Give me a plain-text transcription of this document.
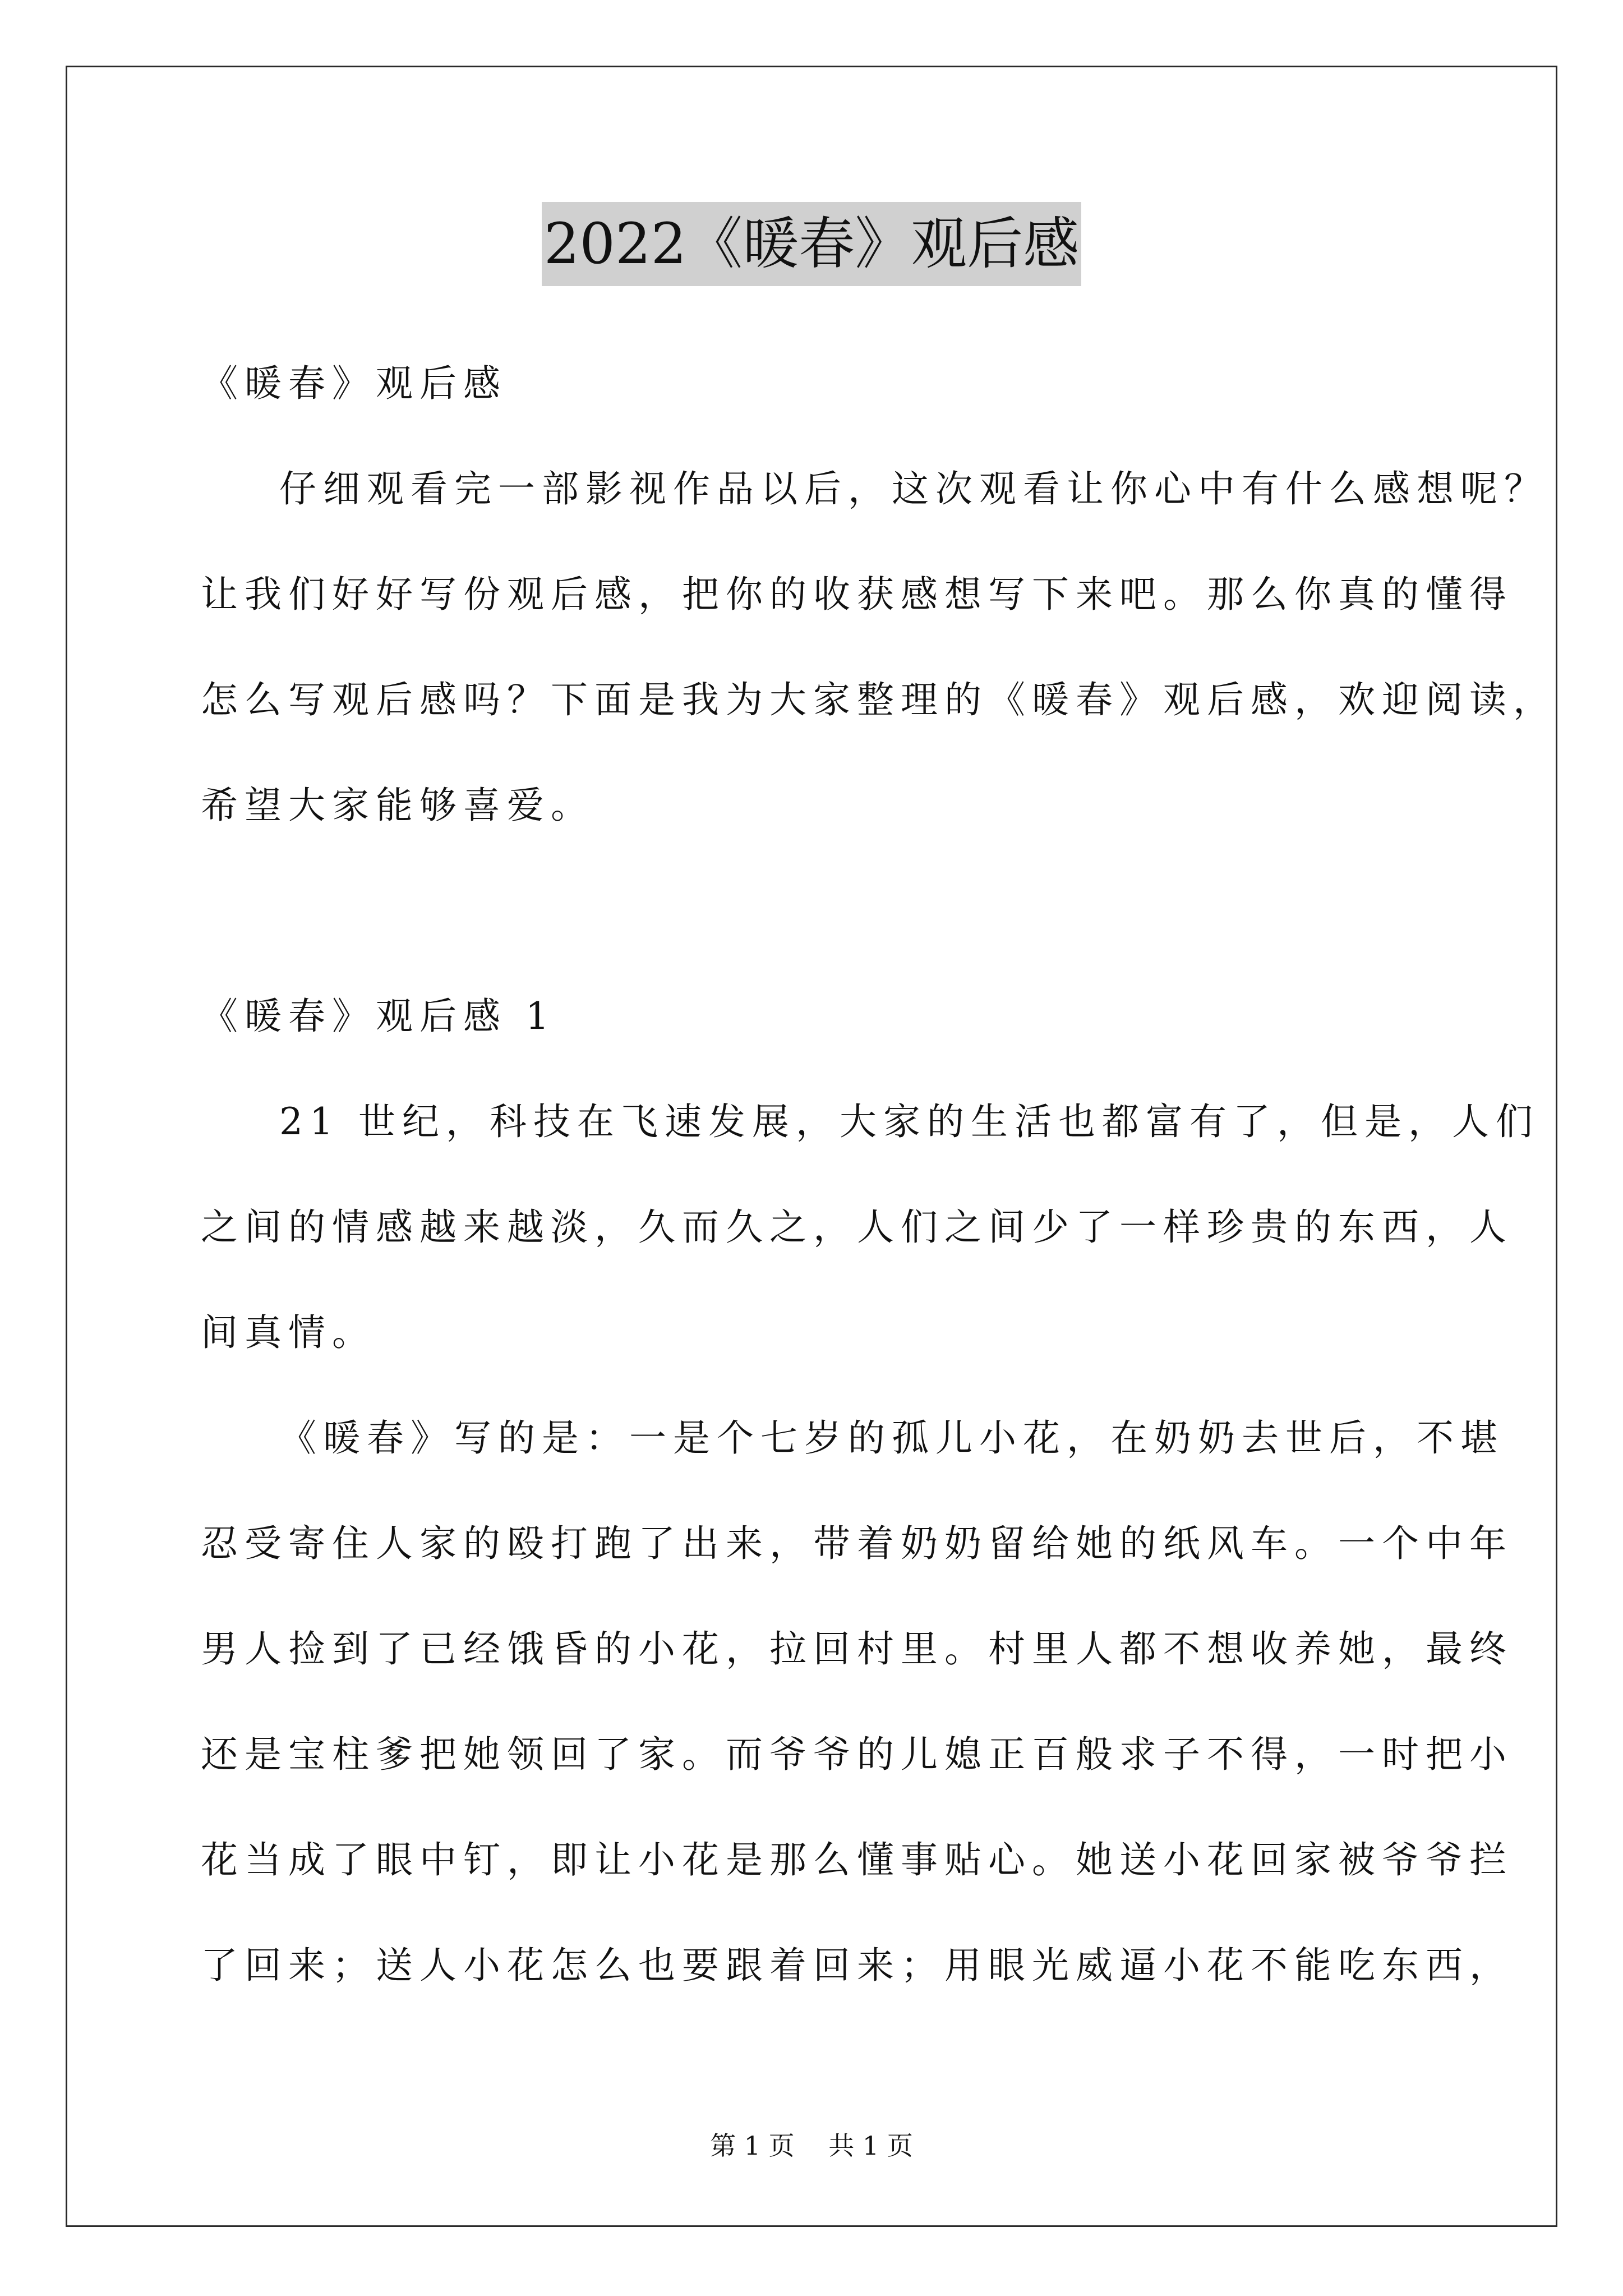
2022《暖春》观后感

《暖春》观后感

仔细观看完一部影视作品以后，这次观看让你心中有什么感想呢？

让我们好好写份观后感，把你的收获感想写下来吧。那么你真的懂得

怎么写观后感吗？下面是我为大家整理的《暖春》观后感，欢迎阅读，

希望大家能够喜爱。

《暖春》观后感 1

21 世纪，科技在飞速发展，大家的生活也都富有了，但是，人们

之间的情感越来越淡，久而久之，人们之间少了一样珍贵的东西，人

间真情。

《暖春》写的是：一是个七岁的孤儿小花，在奶奶去世后，不堪

忍受寄住人家的殴打跑了出来，带着奶奶留给她的纸风车。一个中年

男人捡到了已经饿昏的小花，拉回村里。村里人都不想收养她，最终

还是宝柱爹把她领回了家。而爷爷的儿媳正百般求子不得，一时把小

花当成了眼中钉，即让小花是那么懂事贴心。她送小花回家被爷爷拦

了回来；送人小花怎么也要跟着回来；用眼光威逼小花不能吃东西，

第 1 页　 共 1 页
